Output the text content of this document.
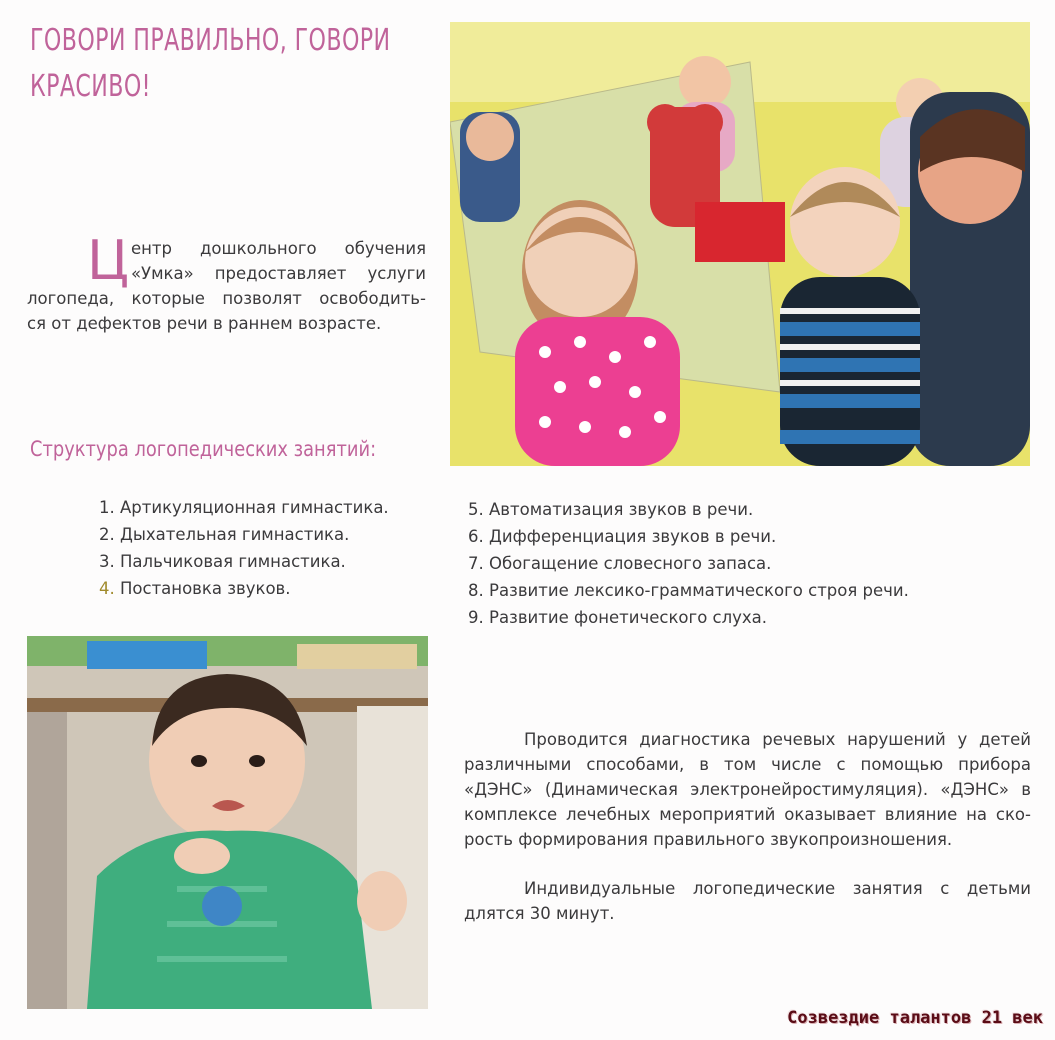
ГОВОРИ ПРАВИЛЬНО, ГОВОРИ
КРАСИВО!
Ц ентр дошкольного обучения
«Умка» предоставляет услуги
логопеда, которые позволят освободить-
ся от дефектов речи в раннем возрасте.
Структура логопедических занятий:
1. Артикуляционная гимнастика.
2. Дыхательная гимнастика.
3. Пальчиковая гимнастика.
4. Постановка звуков.
5. Автоматизация звуков в речи.
6. Дифференциация звуков в речи.
7. Обогащение словесного запаса.
8. Развитие лексико-грамматического строя речи.
9. Развитие фонетического слуха.
Проводится диагностика речевых нарушений у детей
различными способами, в том числе с помощью прибора
«ДЭНС» (Динамическая электронейростимуляция). «ДЭНС» в
комплексе лечебных мероприятий оказывает влияние на ско-
рость формирования правильного звукопроизношения.
Индивидуальные логопедические занятия с детьми
длятся 30 минут.
Созвездие талантов 21 век
